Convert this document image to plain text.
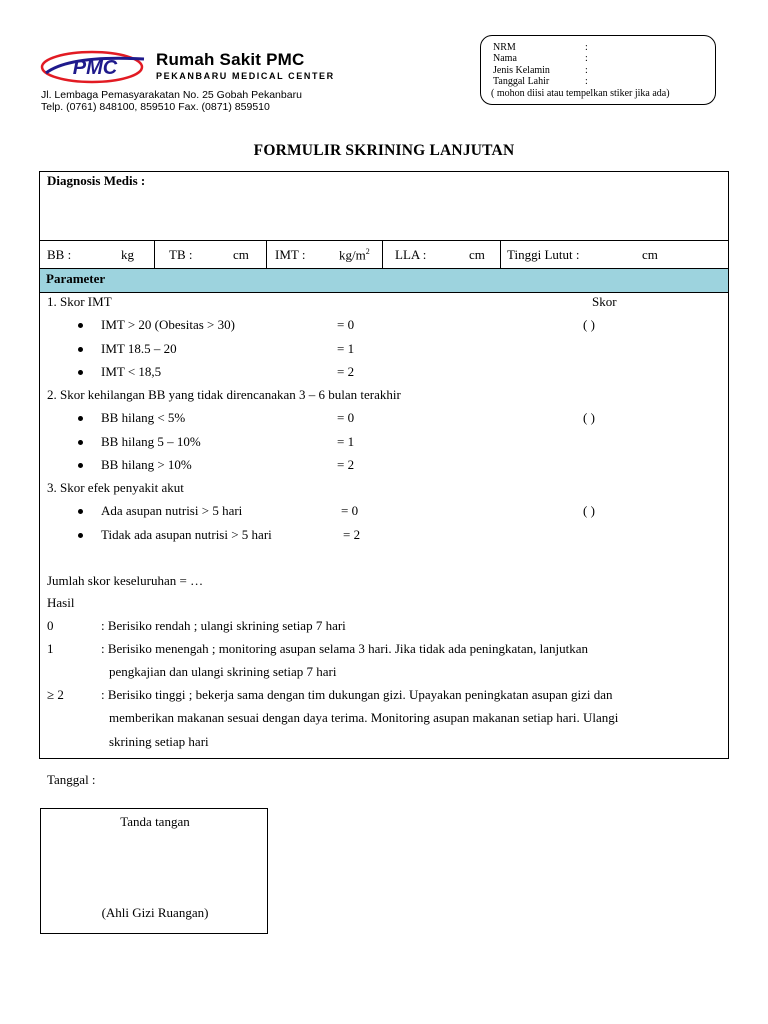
PMC Rumah Sakit PMC
PEKANBARU MEDICAL CENTER
Jl. Lembaga Pemasyarakatan No. 25 Gobah Pekanbaru
Telp. (0761) 848100, 859510 Fax. (0871) 859510
NRM	:
Nama	:
Jenis Kelamin	:
Tanggal Lahir	:
( mohon diisi atau tempelkan stiker jika ada)
FORMULIR SKRINING LANJUTAN
Diagnosis Medis :
BB :	kg	TB :	cm IMT :	$kg/m^2$ LLA :	cm Tinggi Lutut :	cm
Parameter
1. Skor IMT	Skor
IMT > 20 (Obesitas > 30)	= 0	( )
IMT 18.5 – 20	= 1
IMT < 18,5	= 2
2. Skor kehilangan BB yang tidak direncanakan 3 – 6 bulan terakhir
BB hilang < 5%	= 0	( )
BB hilang 5 – 10%	= 1
BB hilang > 10%	= 2
3. Skor efek penyakit akut
Ada asupan nutrisi > 5 hari	= 0	( )
Tidak ada asupan nutrisi > 5 hari	= 2
Jumlah skor keseluruhan = …
Hasil
0	: Berisiko rendah ; ulangi skrining setiap 7 hari
1	: Berisiko menengah ; monitoring asupan selama 3 hari. Jika tidak ada peningkatan, lanjutkan
pengkajian dan ulangi skrining setiap 7 hari
≥ 2	: Berisiko tinggi ; bekerja sama dengan tim dukungan gizi. Upayakan peningkatan asupan gizi dan
memberikan makanan sesuai dengan daya terima. Monitoring asupan makanan setiap hari. Ulangi
skrining setiap hari
Tanggal :
Tanda tangan
(Ahli Gizi Ruangan)
